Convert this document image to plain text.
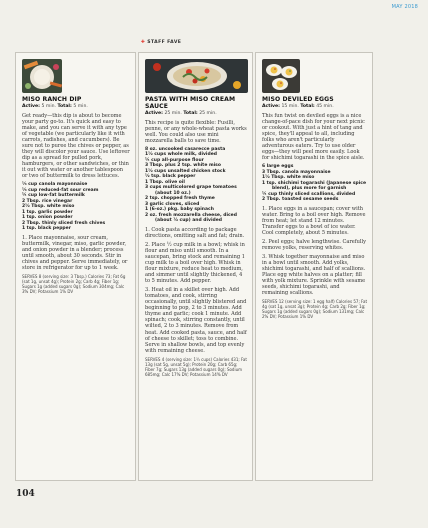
MAY 2018
✚ STAFF FAVE
MISO RANCH DIP
Active: 5 min. Total: 5 min.
Get ready—this dip is about to become your party go-to. It's quick and easy to make, and you can serve it with any type of vegetable (we particularly like it with carrots, radishes, and cucumbers). Be sure not to puree the chives or pepper, as they will discolor your sauce. Use leftover dip as a spread for pulled pork, hamburgers, or other sandwiches, or thin it out with water or another tablespoon or two of buttermilk to dress lettuces.
⅓ cup canola mayonnaise
⅓ cup reduced-fat sour cream
¼ cup low-fat buttermilk
2 Tbsp. rice vinegar
2½ Tbsp. white miso
1 tsp. garlic powder
1 tsp. onion powder
2 Tbsp. thinly sliced fresh chives
1 tsp. black pepper
1. Place mayonnaise, sour cream, buttermilk, vinegar, miso, garlic powder, and onion powder in a blender; process until smooth, about 30 seconds. Stir in chives and pepper. Serve immediately, or store in refrigerator for up to 1 week.
SERVES 8 (serving size: 3 Tbsp.) Calories 73; Fat 6g (sat 1g, unsat 4g); Protein 2g; Carb 4g; Fiber 1g; Sugars 1g (added sugars 0g); Sodium 304mg; Calc 3% DV; Potassium 1% DV
PASTA WITH MISO CREAM SAUCE
Active: 25 min. Total: 25 min.
This recipe is quite flexible: Fusilli, penne, or any whole-wheat pasta works well. You could also use mini mozzarella balls to save time.
8 oz. uncooked casarecce pasta
1½ cups whole milk, divided
¼ cup all-purpose flour
3 Tbsp. plus 2 tsp. white miso
1½ cups unsalted chicken stock
½ tsp. black pepper
1 Tbsp. olive oil
3 cups multicolored grape tomatoes (about 10 oz.)
2 tsp. chopped fresh thyme
3 garlic cloves, sliced
1 (6-oz.) pkg. baby spinach
2 oz. fresh mozzarella cheese, diced (about ½ cup) and divided
1. Cook pasta according to package directions, omitting salt and fat; drain.
2. Place ½ cup milk in a bowl; whisk in flour and miso until smooth. In a saucepan, bring stock and remaining 1 cup milk to a boil over high. Whisk in flour mixture, reduce heat to medium, and simmer until slightly thickened, 4 to 5 minutes. Add pepper.
3. Heat oil in a skillet over high. Add tomatoes, and cook, stirring occasionally, until slightly blistered and beginning to pop, 2 to 3 minutes. Add thyme and garlic; cook 1 minute. Add spinach; cook, stirring constantly, until wilted, 2 to 3 minutes. Remove from heat. Add cooked pasta, sauce, and half of cheese to skillet; toss to combine. Serve in shallow bowls, and top evenly with remaining cheese.
SERVES 4 (serving size: 1¾ cups) Calories 431; Fat 13g (sat 5g, unsat 5g); Protein 20g; Carb 65g; Fiber 7g; Sugars 13g (added sugars 0g); Sodium 685mg; Calc 17% DV; Potassium 14% DV
MISO DEVILED EGGS
Active: 15 min. Total: 45 min.
This fun twist on deviled eggs is a nice change-of-pace dish for your next picnic or cookout. With just a hint of tang and spice, they'll appeal to all, including folks who aren't particularly adventurous eaters. Try to use older eggs—they will peel more easily. Look for shichimi togarashi in the spice aisle.
6 large eggs
3 Tbsp. canola mayonnaise
1½ Tbsp. white miso
1 tsp. shichimi togarashi (Japanese spice blend), plus more for garnish
¼ cup thinly sliced scallions, divided
2 Tbsp. toasted sesame seeds
1. Place eggs in a saucepan; cover with water. Bring to a boil over high. Remove from heat; let stand 12 minutes. Transfer eggs to a bowl of ice water. Cool completely, about 5 minutes.
2. Peel eggs; halve lengthwise. Carefully remove yolks, reserving whites.
3. Whisk together mayonnaise and miso in a bowl until smooth. Add yolks, shichimi togarashi, and half of scallions. Place egg white halves on a platter; fill with yolk mixture. Sprinkle with sesame seeds, shichimi togarashi, and remaining scallions.
SERVES 12 (serving size: 1 egg half) Calories 57; Fat 4g (sat 1g, unsat 3g); Protein 4g; Carb 2g; Fiber 1g; Sugars 1g (added sugars 0g); Sodium 131mg; Calc 2% DV; Potassium 1% DV
104
